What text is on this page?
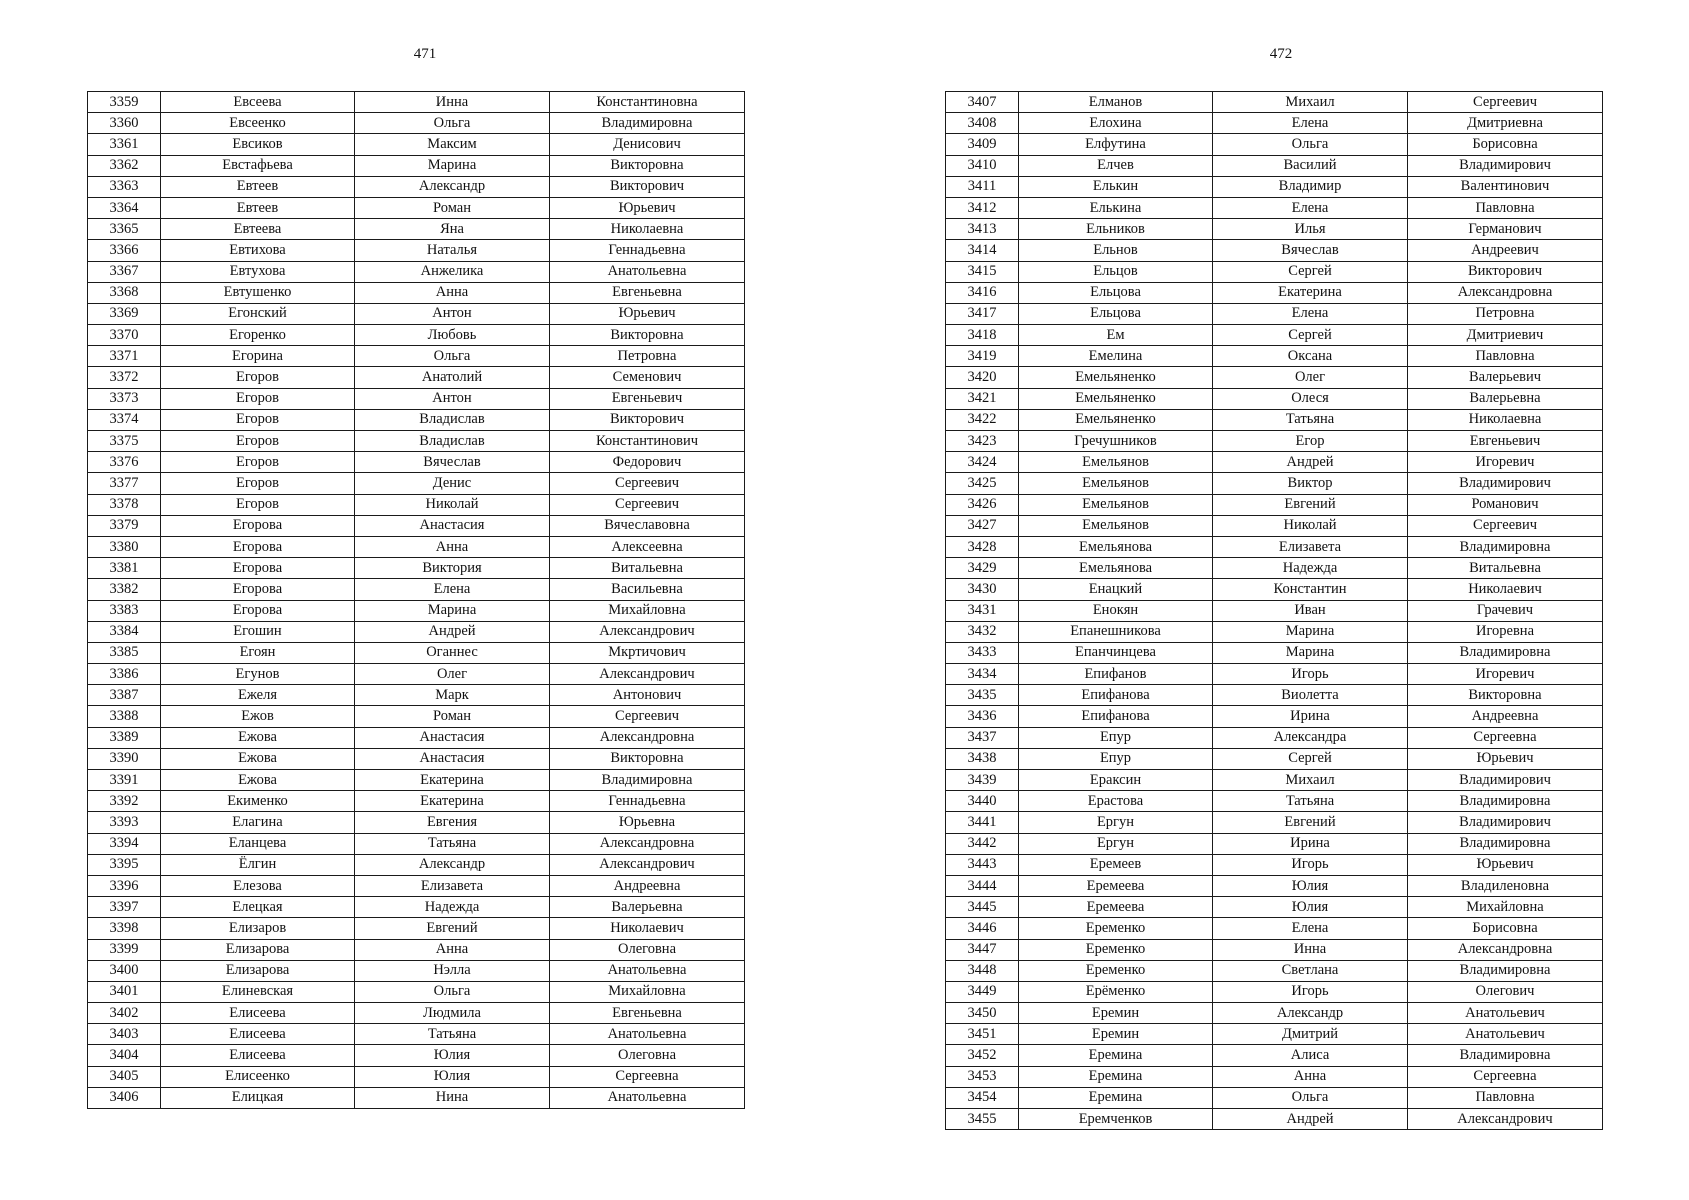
471	472
3359	Евсеева	Инна	Константиновна
3360	Евсеенко	Ольга	Владимировна
3361	Евсиков	Максим	Денисович
3362	Евстафьева	Марина	Викторовна
3363	Евтеев	Александр	Викторович
3364	Евтеев	Роман	Юрьевич
3365	Евтеева	Яна	Николаевна
3366	Евтихова	Наталья	Геннадьевна
3367	Евтухова	Анжелика	Анатольевна
3368	Евтушенко	Анна	Евгеньевна
3369	Егонский	Антон	Юрьевич
3370	Егоренко	Любовь	Викторовна
3371	Егорина	Ольга	Петровна
3372	Егоров	Анатолий	Семенович
3373	Егоров	Антон	Евгеньевич
3374	Егоров	Владислав	Викторович
3375	Егоров	Владислав	Константинович
3376	Егоров	Вячеслав	Федорович
3377	Егоров	Денис	Сергеевич
3378	Егоров	Николай	Сергеевич
3379	Егорова	Анастасия	Вячеславовна
3380	Егорова	Анна	Алексеевна
3381	Егорова	Виктория	Витальевна
3382	Егорова	Елена	Васильевна
3383	Егорова	Марина	Михайловна
3384	Егошин	Андрей	Александрович
3385	Егоян	Оганнес	Мкртичович
3386	Егунов	Олег	Александрович
3387	Ежеля	Марк	Антонович
3388	Ежов	Роман	Сергеевич
3389	Ежова	Анастасия	Александровна
3390	Ежова	Анастасия	Викторовна
3391	Ежова	Екатерина	Владимировна
3392	Екименко	Екатерина	Геннадьевна
3393	Елагина	Евгения	Юрьевна
3394	Еланцева	Татьяна	Александровна
3395	Ёлгин	Александр	Александрович
3396	Елезова	Елизавета	Андреевна
3397	Елецкая	Надежда	Валерьевна
3398	Елизаров	Евгений	Николаевич
3399	Елизарова	Анна	Олеговна
3400	Елизарова	Нэлла	Анатольевна
3401	Елиневская	Ольга	Михайловна
3402	Елисеева	Людмила	Евгеньевна
3403	Елисеева	Татьяна	Анатольевна
3404	Елисеева	Юлия	Олеговна
3405	Елисеенко	Юлия	Сергеевна
3406	Елицкая	Нина	Анатольевна
3407	Елманов	Михаил	Сергеевич
3408	Елохина	Елена	Дмитриевна
3409	Елфутина	Ольга	Борисовна
3410	Елчев	Василий	Владимирович
3411	Елькин	Владимир	Валентинович
3412	Елькина	Елена	Павловна
3413	Ельников	Илья	Германович
3414	Ельнов	Вячеслав	Андреевич
3415	Ельцов	Сергей	Викторович
3416	Ельцова	Екатерина	Александровна
3417	Ельцова	Елена	Петровна
3418	Ем	Сергей	Дмитриевич
3419	Емелина	Оксана	Павловна
3420	Емельяненко	Олег	Валерьевич
3421	Емельяненко	Олеся	Валерьевна
3422	Емельяненко	Татьяна	Николаевна
3423	Гречушников	Егор	Евгеньевич
3424	Емельянов	Андрей	Игоревич
3425	Емельянов	Виктор	Владимирович
3426	Емельянов	Евгений	Романович
3427	Емельянов	Николай	Сергеевич
3428	Емельянова	Елизавета	Владимировна
3429	Емельянова	Надежда	Витальевна
3430	Енацкий	Константин	Николаевич
3431	Енокян	Иван	Грачевич
3432	Епанешникова	Марина	Игоревна
3433	Епанчинцева	Марина	Владимировна
3434	Епифанов	Игорь	Игоревич
3435	Епифанова	Виолетта	Викторовна
3436	Епифанова	Ирина	Андреевна
3437	Епур	Александра	Сергеевна
3438	Епур	Сергей	Юрьевич
3439	Ераксин	Михаил	Владимирович
3440	Ерастова	Татьяна	Владимировна
3441	Ергун	Евгений	Владимирович
3442	Ергун	Ирина	Владимировна
3443	Еремеев	Игорь	Юрьевич
3444	Еремеева	Юлия	Владиленовна
3445	Еремеева	Юлия	Михайловна
3446	Еременко	Елена	Борисовна
3447	Еременко	Инна	Александровна
3448	Еременко	Светлана	Владимировна
3449	Ерёменко	Игорь	Олегович
3450	Еремин	Александр	Анатольевич
3451	Еремин	Дмитрий	Анатольевич
3452	Еремина	Алиса	Владимировна
3453	Еремина	Анна	Сергеевна
3454	Еремина	Ольга	Павловна
3455	Еремченков	Андрей	Александрович
